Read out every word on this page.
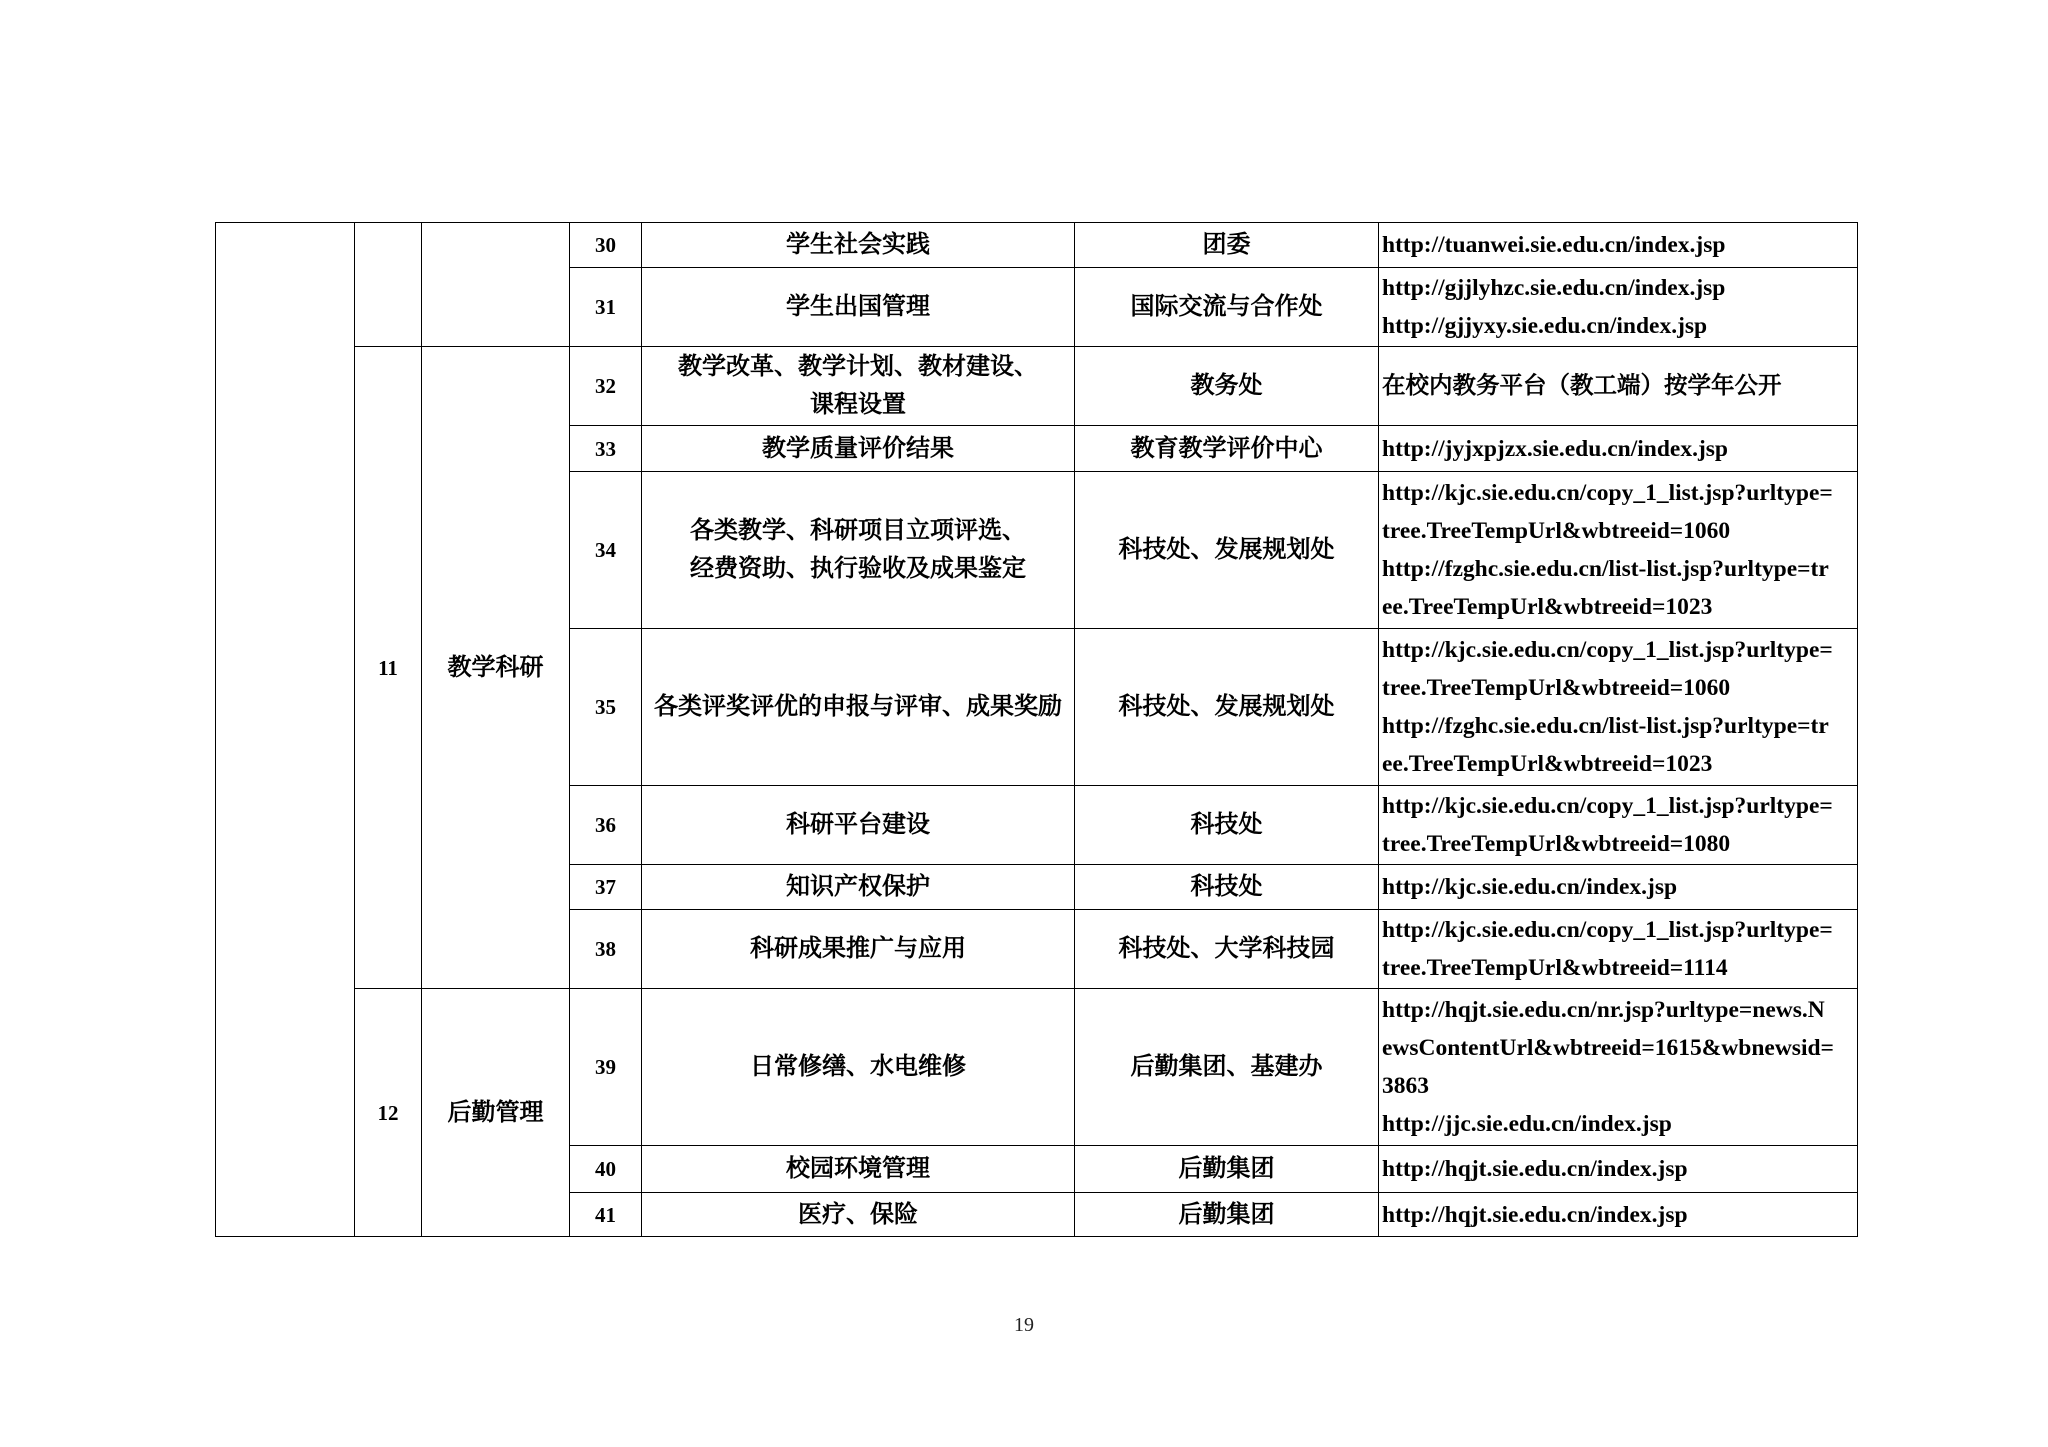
			30	学生社会实践	团委	http://tuanwei.sie.edu.cn/index.jsp

			31	学生出国管理	国际交流与合作处	http://gjjlyhzc.sie.edu.cn/index.jsp
http://gjjyxy.sie.edu.cn/index.jsp

	11	教学科研	32	教学改革、教学计划、教材建设、
课程设置	教务处	在校内教务平台（教工端）按学年公开

			33	教学质量评价结果	教育教学评价中心	http://jyjxpjzx.sie.edu.cn/index.jsp

			34	各类教学、科研项目立项评选、
经费资助、执行验收及成果鉴定	科技处、发展规划处	http://kjc.sie.edu.cn/copy_1_list.jsp?urltype=
tree.TreeTempUrl&wbtreeid=1060
http://fzghc.sie.edu.cn/list-list.jsp?urltype=tr
ee.TreeTempUrl&wbtreeid=1023

			35	各类评奖评优的申报与评审、成果奖励	科技处、发展规划处	http://kjc.sie.edu.cn/copy_1_list.jsp?urltype=
tree.TreeTempUrl&wbtreeid=1060
http://fzghc.sie.edu.cn/list-list.jsp?urltype=tr
ee.TreeTempUrl&wbtreeid=1023

			36	科研平台建设	科技处	http://kjc.sie.edu.cn/copy_1_list.jsp?urltype=
tree.TreeTempUrl&wbtreeid=1080

			37	知识产权保护	科技处	http://kjc.sie.edu.cn/index.jsp

			38	科研成果推广与应用	科技处、大学科技园	http://kjc.sie.edu.cn/copy_1_list.jsp?urltype=
tree.TreeTempUrl&wbtreeid=1114

	12	后勤管理	39	日常修缮、水电维修	后勤集团、基建办	http://hqjt.sie.edu.cn/nr.jsp?urltype=news.N
ewsContentUrl&wbtreeid=1615&wbnewsid=
3863
http://jjc.sie.edu.cn/index.jsp

			40	校园环境管理	后勤集团	http://hqjt.sie.edu.cn/index.jsp

			41	医疗、保险	后勤集团	http://hqjt.sie.edu.cn/index.jsp
19
